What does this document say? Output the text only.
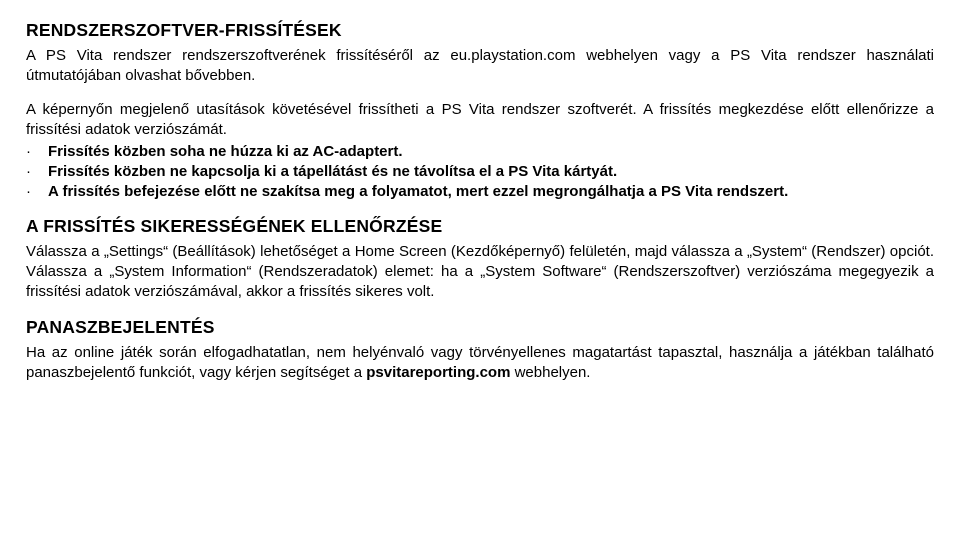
RENDSZERSZOFTVER-FRISSÍTÉSEK

A PS Vita rendszer rendszerszoftverének frissítéséről az eu.playstation.com webhelyen vagy a PS Vita rendszer használati útmutatójában olvashat bővebben.

A képernyőn megjelenő utasítások követésével frissítheti a PS Vita rendszer szoftverét. A frissítés megkezdése előtt ellenőrizze a frissítési adatok verziószámát.

·	Frissítés közben soha ne húzza ki az AC-adaptert.
·	Frissítés közben ne kapcsolja ki a tápellátást és ne távolítsa el a PS Vita kártyát.
·	A frissítés befejezése előtt ne szakítsa meg a folyamatot, mert ezzel megrongálhatja a PS Vita rendszert.
A FRISSÍTÉS SIKERESSÉGÉNEK ELLENŐRZÉSE

Válassza a „Settings“ (Beállítások) lehetőséget a Home Screen (Kezdőképernyő) felületén, majd válassza a „System“ (Rendszer) opciót. Válassza a „System Information“ (Rendszeradatok) elemet: ha a „System Software“ (Rendszerszoftver) verziószáma megegyezik a frissítési adatok verziószámával, akkor a frissítés sikeres volt.

PANASZBEJELENTÉS

Ha az online játék során elfogadhatatlan, nem helyénvaló vagy törvényellenes magatartást tapasztal, használja a játékban található panaszbejelentő funkciót, vagy kérjen segítséget a psvitareporting.com webhelyen.
